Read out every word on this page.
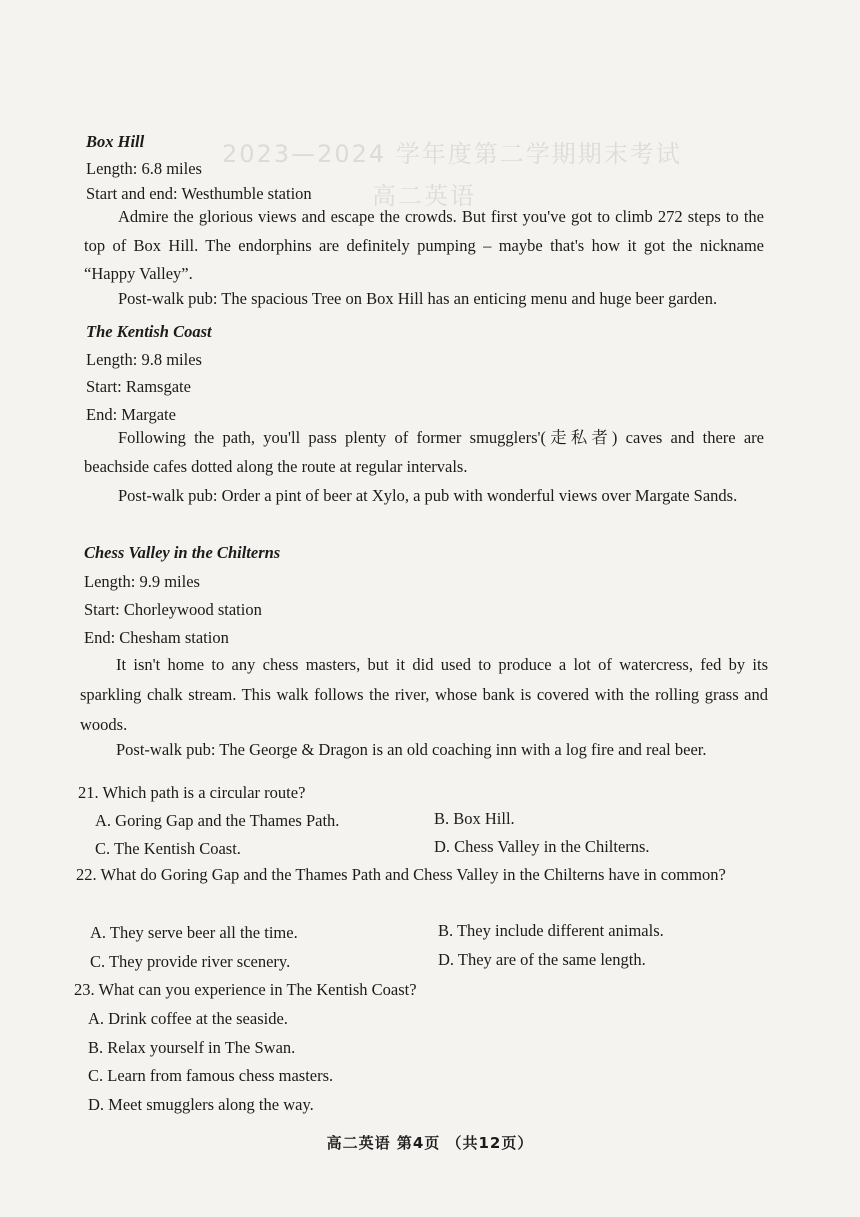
2023—2024 学年度第二学期期末考试
高二英语
Box Hill
Length: 6.8 miles
Start and end: Westhumble station
Admire the glorious views and escape the crowds. But first you've got to climb 272 steps to the top of Box Hill. The endorphins are definitely pumping – maybe that's how it got the nickname “Happy Valley”.
Post-walk pub: The spacious Tree on Box Hill has an enticing menu and huge beer garden.
The Kentish Coast
Length: 9.8 miles
Start: Ramsgate
End: Margate
Following the path, you'll pass plenty of former smugglers'(走私者) caves and there are beachside cafes dotted along the route at regular intervals.
Post-walk pub: Order a pint of beer at Xylo, a pub with wonderful views over Margate Sands.
Chess Valley in the Chilterns
Length: 9.9 miles
Start: Chorleywood station
End: Chesham station
It isn't home to any chess masters, but it did used to produce a lot of watercress, fed by its sparkling chalk stream. This walk follows the river, whose bank is covered with the rolling grass and woods.
Post-walk pub: The George & Dragon is an old coaching inn with a log fire and real beer.
21. Which path is a circular route?
A. Goring Gap and the Thames Path.	B. Box Hill.
C. The Kentish Coast.	D. Chess Valley in the Chilterns.
22. What do Goring Gap and the Thames Path and Chess Valley in the Chilterns have in common?
A. They serve beer all the time.	B. They include different animals.
C. They provide river scenery.	D. They are of the same length.
23. What can you experience in The Kentish Coast?
A. Drink coffee at the seaside.
B. Relax yourself in The Swan.
C. Learn from famous chess masters.
D. Meet smugglers along the way.
高二英语 第4页 （共12页）
